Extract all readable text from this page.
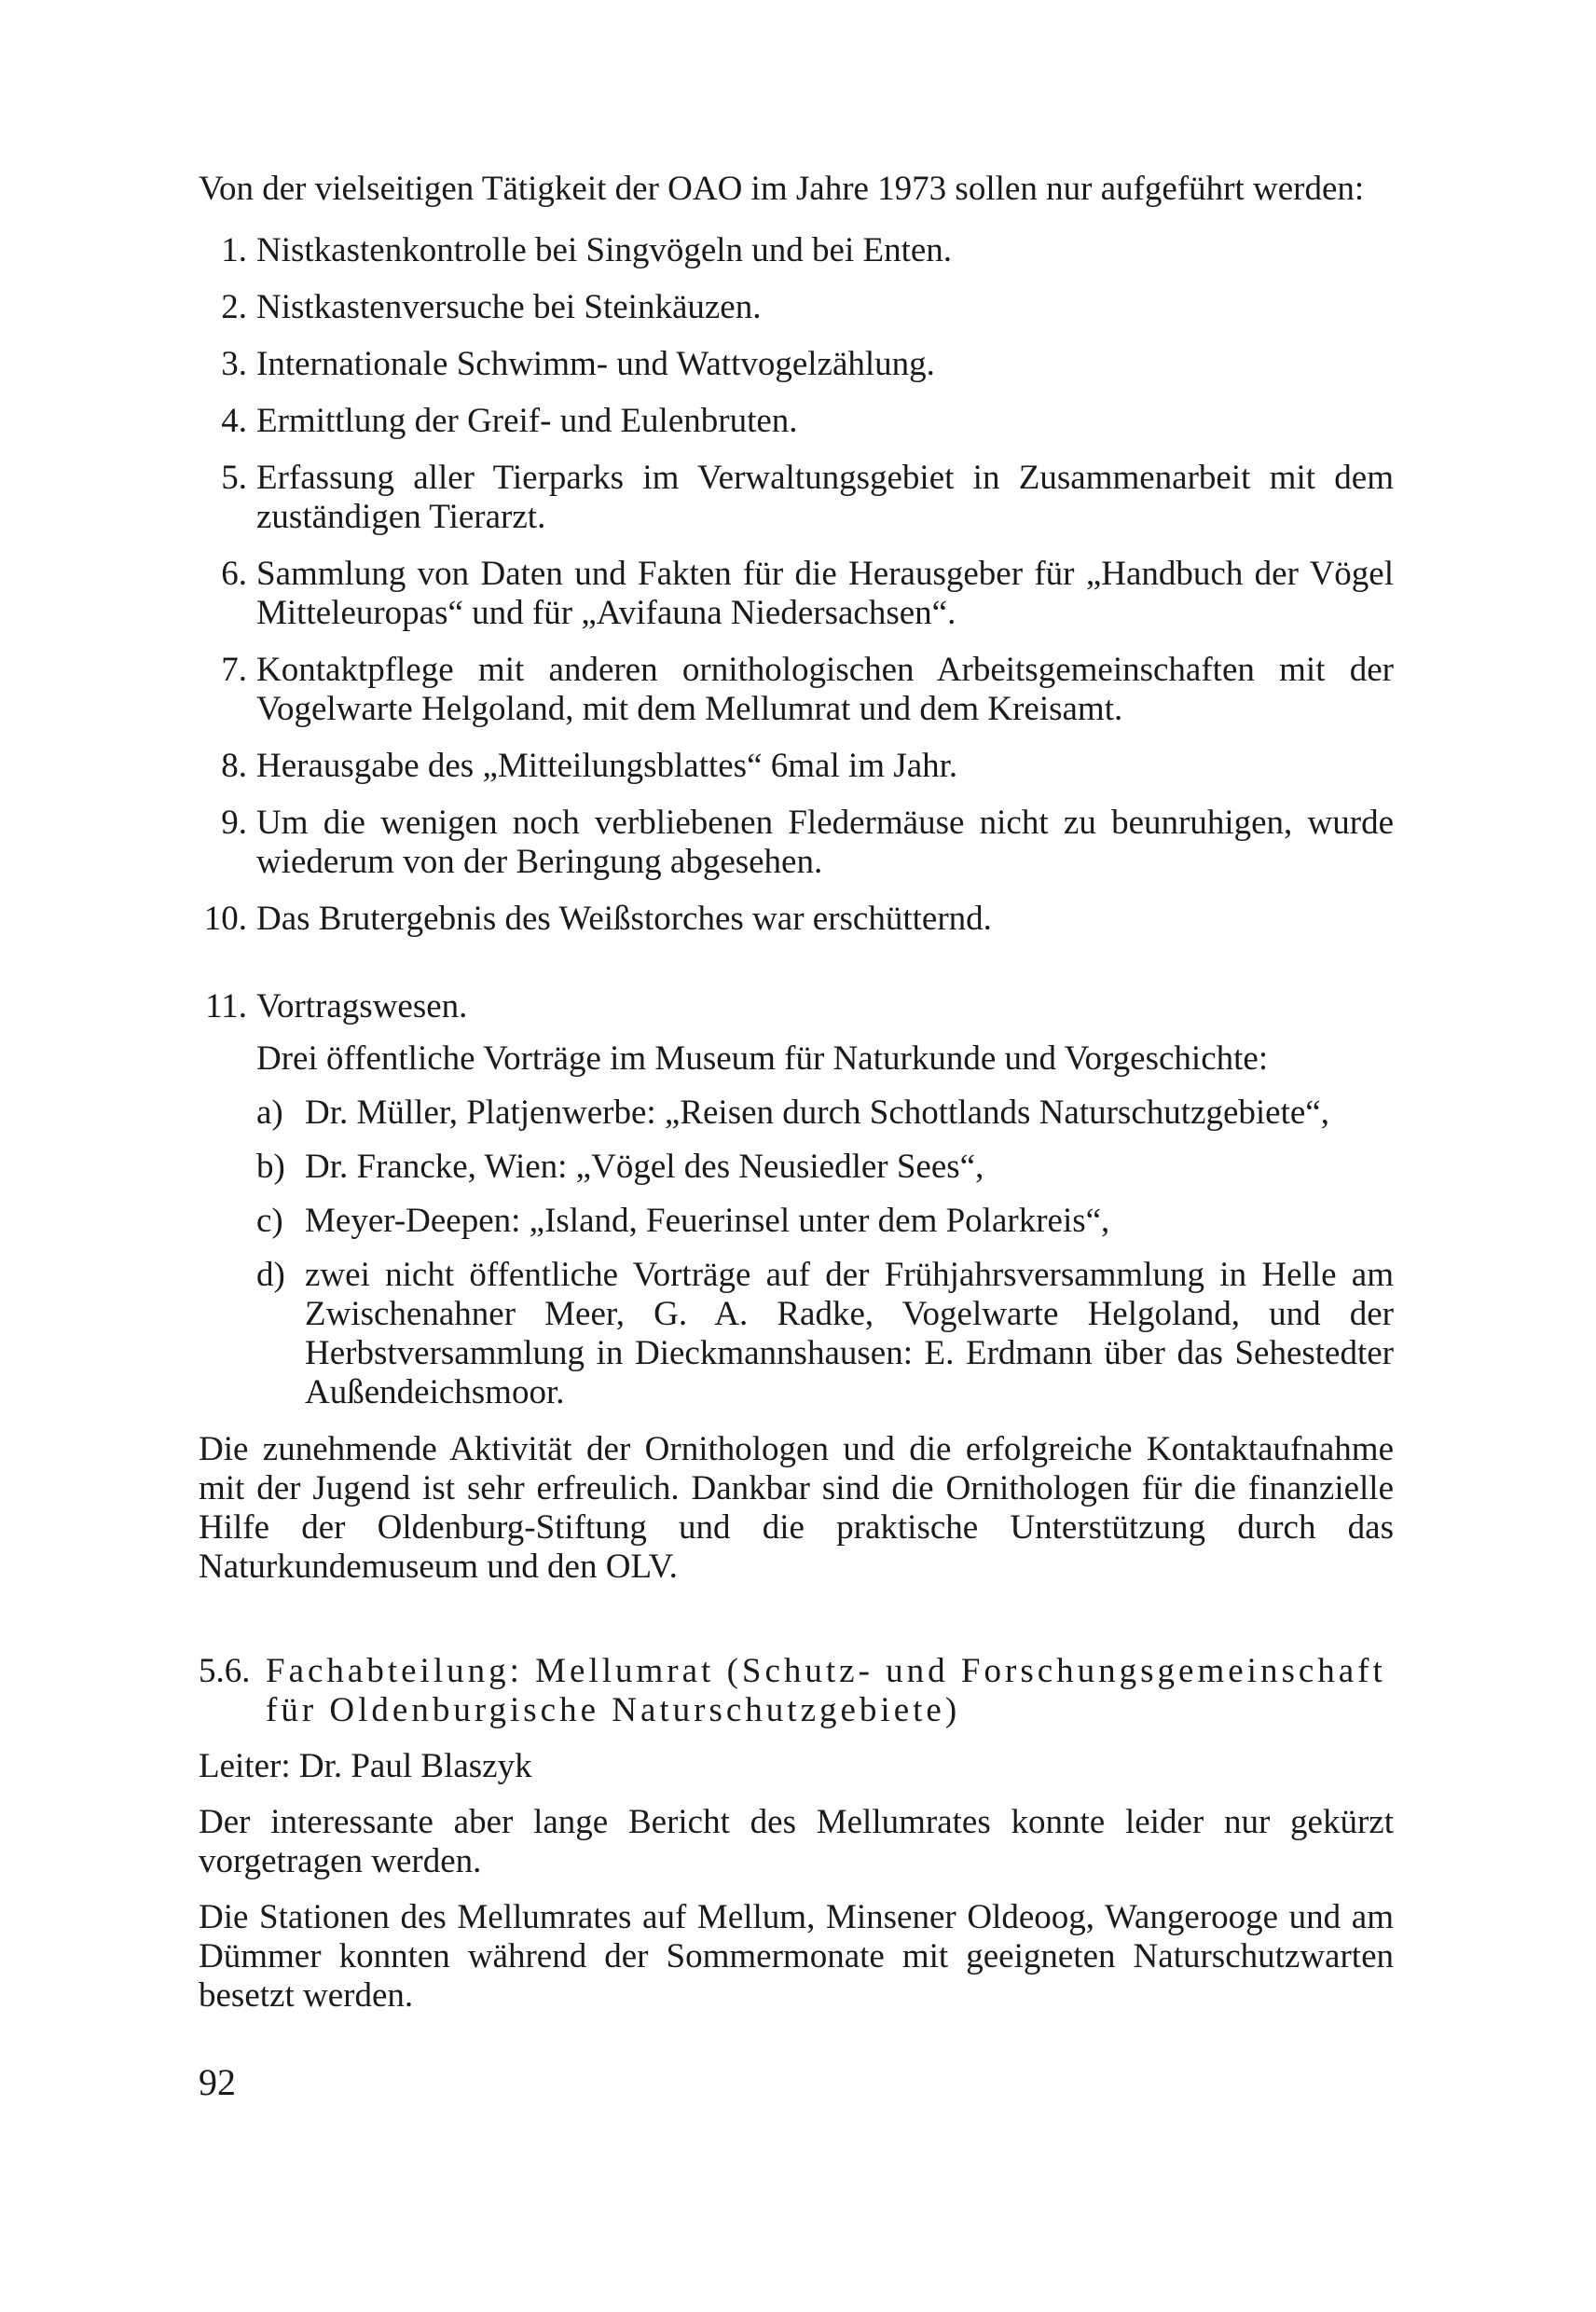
Von der vielseitigen Tätigkeit der OAO im Jahre 1973 sollen nur aufgeführt werden:

1. Nistkastenkontrolle bei Singvögeln und bei Enten.
2. Nistkastenversuche bei Steinkäuzen.
3. Internationale Schwimm- und Wattvogelzählung.
4. Ermittlung der Greif- und Eulenbruten.
5. Erfassung aller Tierparks im Verwaltungsgebiet in Zusammenarbeit mit dem zuständigen Tierarzt.
6. Sammlung von Daten und Fakten für die Herausgeber für „Handbuch der Vögel Mitteleuropas“ und für „Avifauna Niedersachsen“.
7. Kontaktpflege mit anderen ornithologischen Arbeitsgemeinschaften mit der Vogelwarte Helgoland, mit dem Mellumrat und dem Kreisamt.
8. Herausgabe des „Mitteilungsblattes“ 6mal im Jahr.
9. Um die wenigen noch verbliebenen Fledermäuse nicht zu beunruhigen, wurde wiederum von der Beringung abgesehen.
10. Das Brutergebnis des Weißstorches war erschütternd.
11. Vortragswesen.

Drei öffentliche Vorträge im Museum für Naturkunde und Vorgeschichte:

a) Dr. Müller, Platjenwerbe: „Reisen durch Schottlands Naturschutzgebiete“,
b) Dr. Francke, Wien: „Vögel des Neusiedler Sees“,
c) Meyer-Deepen: „Island, Feuerinsel unter dem Polarkreis“,
d) zwei nicht öffentliche Vorträge auf der Frühjahrsversammlung in Helle am Zwischenahner Meer, G. A. Radke, Vogelwarte Helgoland, und der Herbstversammlung in Dieckmannshausen: E. Erdmann über das Sehestedter Außendeichsmoor.

Die zunehmende Aktivität der Ornithologen und die erfolgreiche Kontaktaufnahme mit der Jugend ist sehr erfreulich. Dankbar sind die Ornithologen für die finanzielle Hilfe der Oldenburg-Stiftung und die praktische Unterstützung durch das Naturkundemuseum und den OLV.

5.6. Fachabteilung: Mellumrat (Schutz- und Forschungsgemeinschaft für Oldenburgische Naturschutzgebiete)

Leiter: Dr. Paul Blaszyk

Der interessante aber lange Bericht des Mellumrates konnte leider nur gekürzt vorgetragen werden.

Die Stationen des Mellumrates auf Mellum, Minsener Oldeoog, Wangerooge und am Dümmer konnten während der Sommermonate mit geeigneten Naturschutzwarten besetzt werden.

92
